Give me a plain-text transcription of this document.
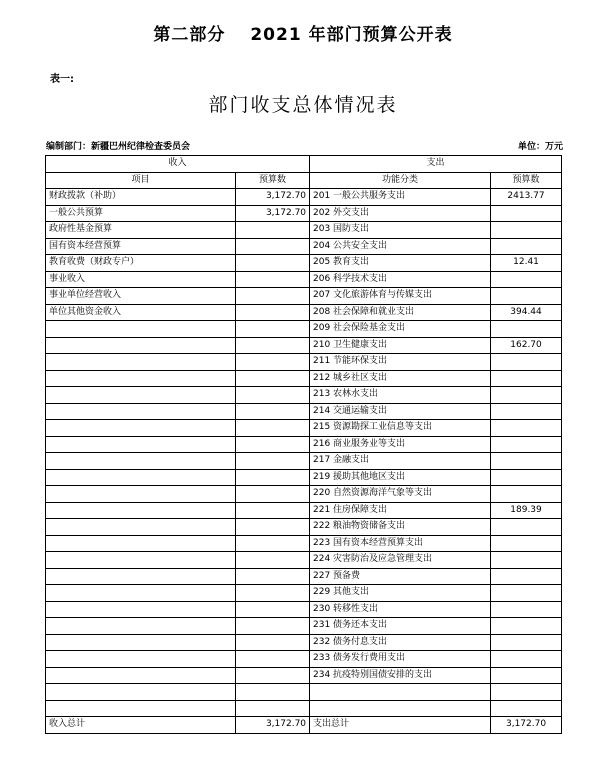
第二部分　 2021 年部门预算公开表
表一:
部门收支总体情况表
编制部门：新疆巴州纪律检查委员会	单位：万元
收入		支出	
项目	预算数	功能分类	预算数
财政拨款（补助）	3,172.70	201 一般公共服务支出	2413.77
一般公共预算	3,172.70	202 外交支出	
政府性基金预算		203 国防支出	
国有资本经营预算		204 公共安全支出	
教育收费（财政专户）		205 教育支出	12.41
事业收入		206 科学技术支出	
事业单位经营收入		207 文化旅游体育与传媒支出	
单位其他资金收入		208 社会保障和就业支出	394.44
		209 社会保险基金支出	
		210 卫生健康支出	162.70
		211 节能环保支出	
		212 城乡社区支出	
		213 农林水支出	
		214 交通运输支出	
		215 资源勘探工业信息等支出	
		216 商业服务业等支出	
		217 金融支出	
		219 援助其他地区支出	
		220 自然资源海洋气象等支出	
		221 住房保障支出	189.39
		222 粮油物资储备支出	
		223 国有资本经营预算支出	
		224 灾害防治及应急管理支出	
		227 预备费	
		229 其他支出	
		230 转移性支出	
		231 债务还本支出	
		232 债务付息支出	
		233 债务发行费用支出	
		234 抗疫特别国债安排的支出	

收入总计	3,172.70	支出总计	3,172.70
